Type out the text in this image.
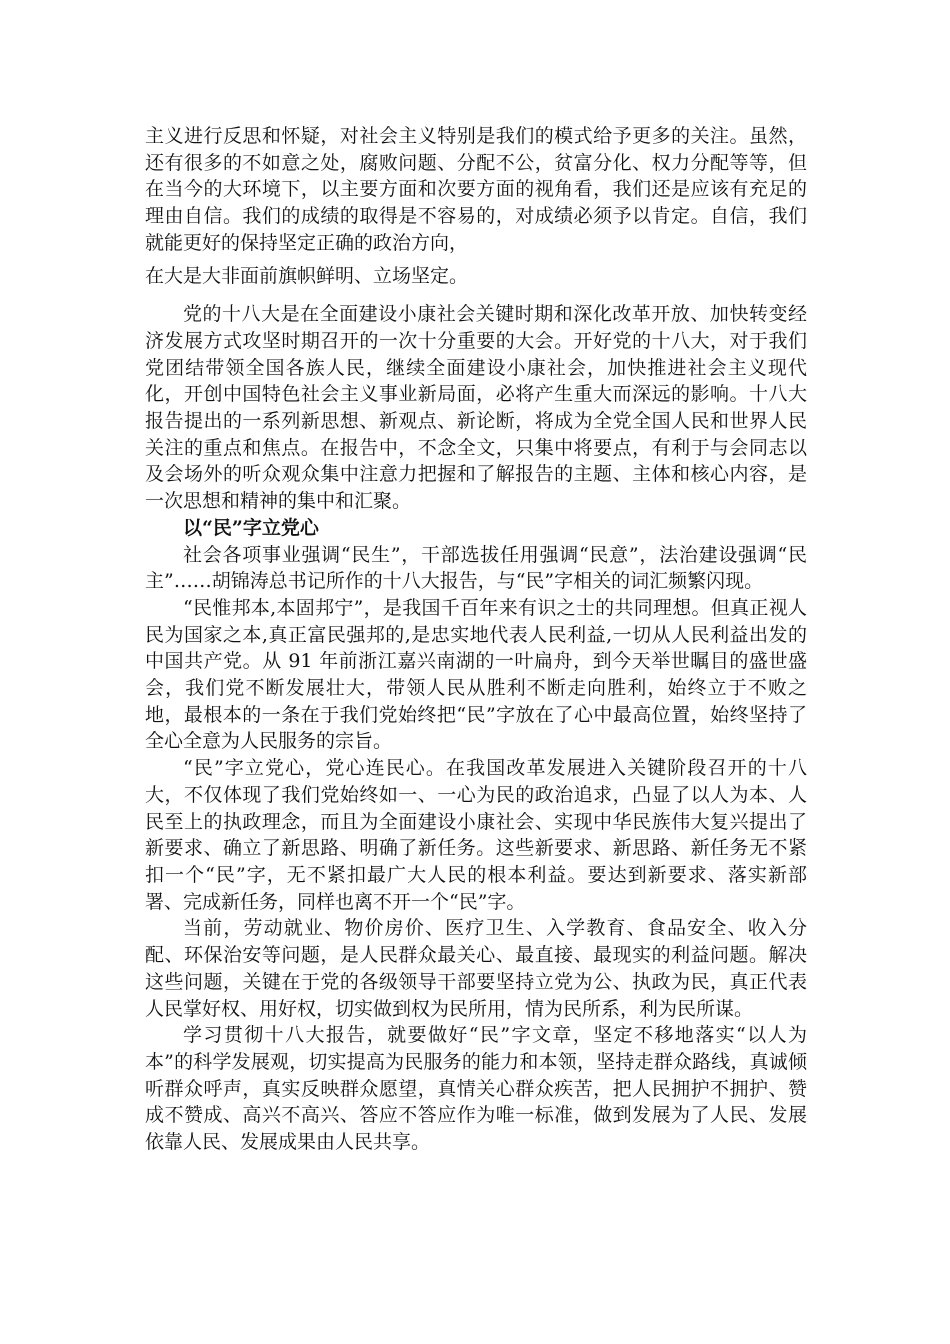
主义进行反思和怀疑，对社会主义特别是我们的模式给予更多的关注。虽然，还有很多的不如意之处，腐败问题、分配不公，贫富分化、权力分配等等，但在当今的大环境下，以主要方面和次要方面的视角看，我们还是应该有充足的理由自信。我们的成绩的取得是不容易的，对成绩必须予以肯定。自信，我们就能更好的保持坚定正确的政治方向，

在大是大非面前旗帜鲜明、立场坚定。

党的十八大是在全面建设小康社会关键时期和深化改革开放、加快转变经济发展方式攻坚时期召开的一次十分重要的大会。开好党的十八大，对于我们党团结带领全国各族人民，继续全面建设小康社会，加快推进社会主义现代化，开创中国特色社会主义事业新局面，必将产生重大而深远的影响。十八大报告提出的一系列新思想、新观点、新论断，将成为全党全国人民和世界人民关注的重点和焦点。在报告中，不念全文，只集中将要点，有利于与会同志以及会场外的听众观众集中注意力把握和了解报告的主题、主体和核心内容，是一次思想和精神的集中和汇聚。

以“民”字立党心

社会各项事业强调“民生”，干部选拔任用强调“民意”，法治建设强调“民主”……胡锦涛总书记所作的十八大报告，与“民”字相关的词汇频繁闪现。

“民惟邦本,本固邦宁”，是我国千百年来有识之士的共同理想。但真正视人民为国家之本,真正富民强邦的,是忠实地代表人民利益,一切从人民利益出发的中国共产党。从 91 年前浙江嘉兴南湖的一叶扁舟，到今天举世瞩目的盛世盛会，我们党不断发展壮大，带领人民从胜利不断走向胜利，始终立于不败之地，最根本的一条在于我们党始终把“民”字放在了心中最高位置，始终坚持了全心全意为人民服务的宗旨。

“民”字立党心，党心连民心。在我国改革发展进入关键阶段召开的十八大，不仅体现了我们党始终如一、一心为民的政治追求，凸显了以人为本、人民至上的执政理念，而且为全面建设小康社会、实现中华民族伟大复兴提出了新要求、确立了新思路、明确了新任务。这些新要求、新思路、新任务无不紧扣一个“民”字，无不紧扣最广大人民的根本利益。要达到新要求、落实新部署、完成新任务，同样也离不开一个“民”字。

当前，劳动就业、物价房价、医疗卫生、入学教育、食品安全、收入分配、环保治安等问题，是人民群众最关心、最直接、最现实的利益问题。解决这些问题，关键在于党的各级领导干部要坚持立党为公、执政为民，真正代表人民掌好权、用好权，切实做到权为民所用，情为民所系，利为民所谋。

学习贯彻十八大报告，就要做好“民”字文章，坚定不移地落实“以人为本”的科学发展观，切实提高为民服务的能力和本领，坚持走群众路线，真诚倾听群众呼声，真实反映群众愿望，真情关心群众疾苦，把人民拥护不拥护、赞成不赞成、高兴不高兴、答应不答应作为唯一标准，做到发展为了人民、发展依靠人民、发展成果由人民共享。
